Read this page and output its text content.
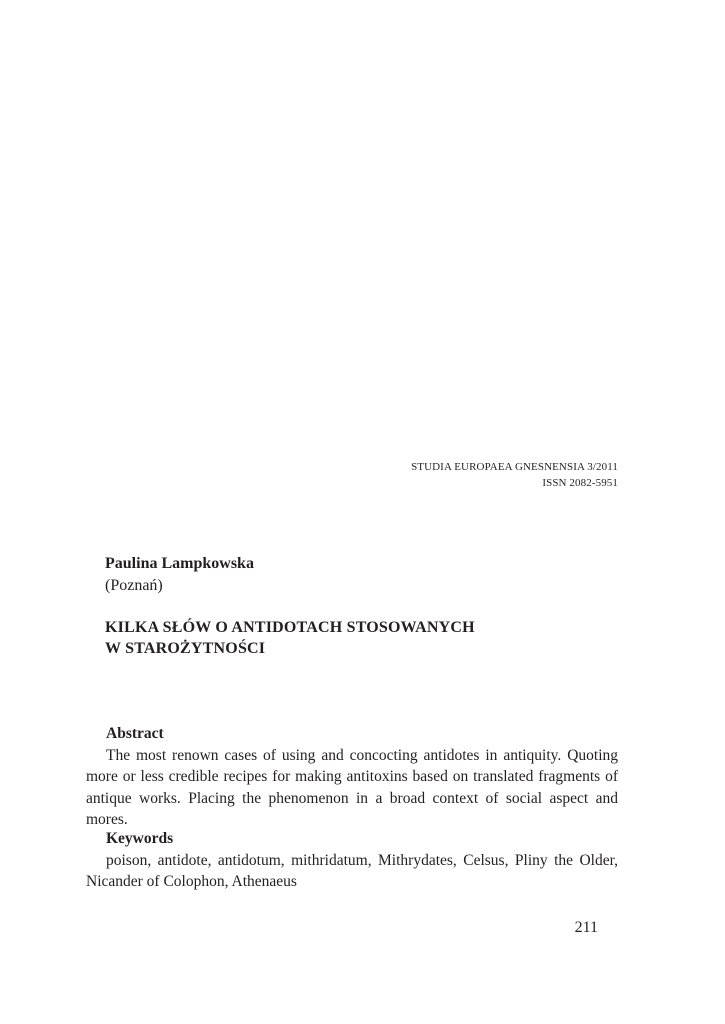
STUDIA EUROPAEA GNESNENSIA 3/2011
ISSN 2082-5951
Paulina Lampkowska
(Poznań)
KILKA SŁÓW O ANTIDOTACH STOSOWANYCH
W STAROŻYTNOŚCI
Abstract
The most renown cases of using and concocting antidotes in antiquity. Quoting more or less credible recipes for making antitoxins based on translated fragments of antique works. Placing the phenomenon in a broad context of social aspect and mores.
Keywords
poison, antidote, antidotum, mithridatum, Mithrydates, Celsus, Pliny the Older, Nicander of Colophon, Athenaeus
211
